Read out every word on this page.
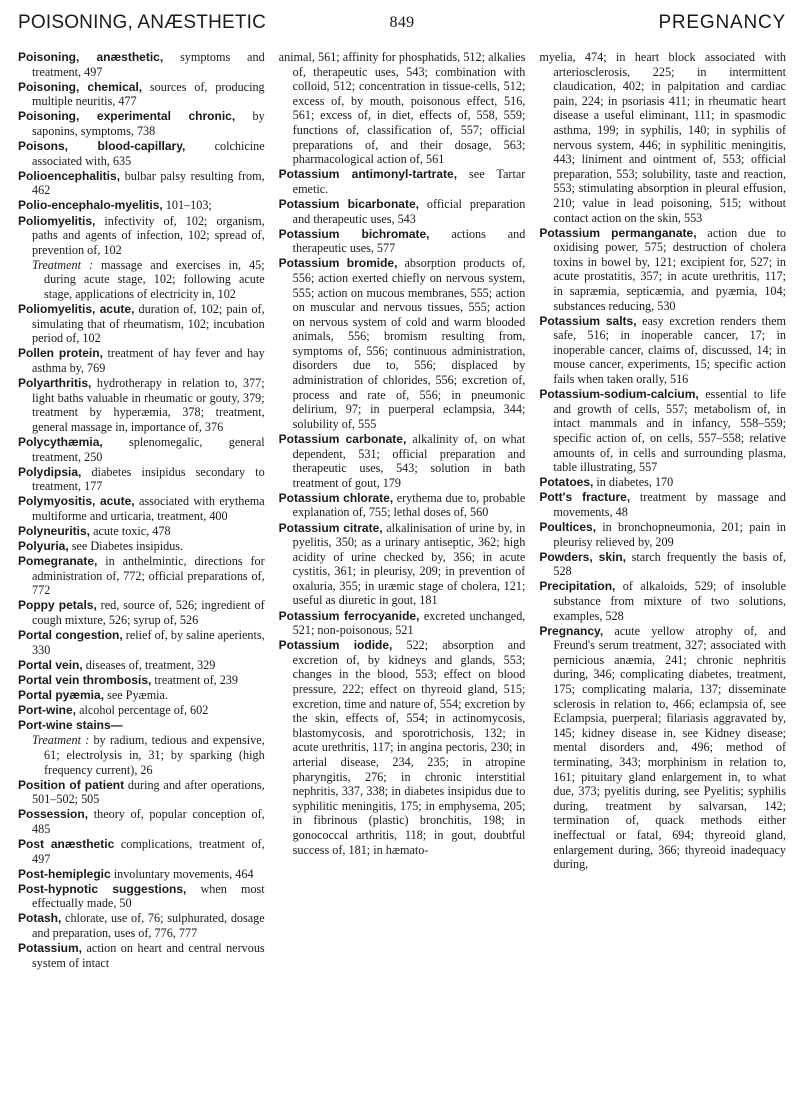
POISONING, ANÆSTHETIC	849	PREGNANCY

Poisoning, anæsthetic, symptoms and treatment, 497

Poisoning, chemical, sources of, producing multiple neuritis, 477

Poisoning, experimental chronic, by saponins, symptoms, 738

Poisons, blood-capillary, colchicine associated with, 635

Polioencephalitis, bulbar palsy resulting from, 462

Polio-encephalo-myelitis, 101–103;

Poliomyelitis, infectivity of, 102; organism, paths and agents of infection, 102; spread of, prevention of, 102

Treatment : massage and exercises in, 45; during acute stage, 102; following acute stage, applications of electricity in, 102

Poliomyelitis, acute, duration of, 102; pain of, simulating that of rheumatism, 102; incubation period of, 102

Pollen protein, treatment of hay fever and hay asthma by, 769

Polyarthritis, hydrotherapy in relation to, 377; light baths valuable in rheumatic or gouty, 379; treatment by hyperæmia, 378; treatment, general massage in, importance of, 376

Polycythæmia, splenomegalic, general treatment, 250

Polydipsia, diabetes insipidus secondary to treatment, 177

Polymyositis, acute, associated with erythema multiforme and urticaria, treatment, 400

Polyneuritis, acute toxic, 478

Polyuria, see Diabetes insipidus.

Pomegranate, in anthelmintic, directions for administration of, 772; official preparations of, 772

Poppy petals, red, source of, 526; ingredient of cough mixture, 526; syrup of, 526

Portal congestion, relief of, by saline aperients, 330

Portal vein, diseases of, treatment, 329

Portal vein thrombosis, treatment of, 239

Portal pyæmia, see Pyæmia.

Port-wine, alcohol percentage of, 602

Port-wine stains—

Treatment : by radium, tedious and expensive, 61; electrolysis in, 31; by sparking (high frequency current), 26

Position of patient during and after operations, 501–502; 505

Possession, theory of, popular conception of, 485

Post anæsthetic complications, treatment of, 497

Post-hemiplegic involuntary movements, 464

Post-hypnotic suggestions, when most effectually made, 50

Potash, chlorate, use of, 76; sulphurated, dosage and preparation, uses of, 776, 777

Potassium, action on heart and central nervous system of intact

animal, 561; affinity for phosphatids, 512; alkalies of, therapeutic uses, 543; combination with colloid, 512; concentration in tissue-cells, 512; excess of, by mouth, poisonous effect, 516, 561; excess of, in diet, effects of, 558, 559; functions of, classification of, 557; official preparations of, and their dosage, 563; pharmacological action of, 561

Potassium antimonyl-tartrate, see Tartar emetic.

Potassium bicarbonate, official preparation and therapeutic uses, 543

Potassium bichromate, actions and therapeutic uses, 577

Potassium bromide, absorption products of, 556; action exerted chiefly on nervous system, 555; action on mucous membranes, 555; action on muscular and nervous tissues, 555; action on nervous system of cold and warm blooded animals, 556; bromism resulting from, symptoms of, 556; continuous administration, disorders due to, 556; displaced by administration of chlorides, 556; excretion of, process and rate of, 556; in pneumonic delirium, 97; in puerperal eclampsia, 344; solubility of, 555

Potassium carbonate, alkalinity of, on what dependent, 531; official preparation and therapeutic uses, 543; solution in bath treatment of gout, 179

Potassium chlorate, erythema due to, probable explanation of, 755; lethal doses of, 560

Potassium citrate, alkalinisation of urine by, in pyelitis, 350; as a urinary antiseptic, 362; high acidity of urine checked by, 356; in acute cystitis, 361; in pleurisy, 209; in prevention of oxaluria, 355; in uræmic stage of cholera, 121; useful as diuretic in gout, 181

Potassium ferrocyanide, excreted unchanged, 521; non-poisonous, 521

Potassium iodide, 522; absorption and excretion of, by kidneys and glands, 553; changes in the blood, 553; effect on blood pressure, 222; effect on thyreoid gland, 515; excretion, time and nature of, 554; excretion by the skin, effects of, 554; in actinomycosis, blastomycosis, and sporotrichosis, 132; in acute urethritis, 117; in angina pectoris, 230; in arterial disease, 234, 235; in atropine pharyngitis, 276; in chronic interstitial nephritis, 337, 338; in diabetes insipidus due to syphilitic meningitis, 175; in emphysema, 205; in fibrinous (plastic) bronchitis, 198; in gonococcal arthritis, 118; in gout, doubtful success of, 181; in hæmato-

myelia, 474; in heart block associated with arteriosclerosis, 225; in intermittent claudication, 402; in palpitation and cardiac pain, 224; in psoriasis 411; in rheumatic heart disease a useful eliminant, 111; in spasmodic asthma, 199; in syphilis, 140; in syphilis of nervous system, 446; in syphilitic meningitis, 443; liniment and ointment of, 553; official preparation, 553; solubility, taste and reaction, 553; stimulating absorption in pleural effusion, 210; value in lead poisoning, 515; without contact action on the skin, 553

Potassium permanganate, action due to oxidising power, 575; destruction of cholera toxins in bowel by, 121; excipient for, 527; in acute prostatitis, 357; in acute urethritis, 117; in sapræmia, septicæmia, and pyæmia, 104; substances reducing, 530

Potassium salts, easy excretion renders them safe, 516; in inoperable cancer, 17; in inoperable cancer, claims of, discussed, 14; in mouse cancer, experiments, 15; specific action fails when taken orally, 516

Potassium-sodium-calcium, essential to life and growth of cells, 557; metabolism of, in intact mammals and in infancy, 558–559; specific action of, on cells, 557–558; relative amounts of, in cells and surrounding plasma, table illustrating, 557

Potatoes, in diabetes, 170

Pott's fracture, treatment by massage and movements, 48

Poultices, in bronchopneumonia, 201; pain in pleurisy relieved by, 209

Powders, skin, starch frequently the basis of, 528

Precipitation, of alkaloids, 529; of insoluble substance from mixture of two solutions, examples, 528

Pregnancy, acute yellow atrophy of, and Freund's serum treatment, 327; associated with pernicious anæmia, 241; chronic nephritis during, 346; complicating diabetes, treatment, 175; complicating malaria, 137; disseminate sclerosis in relation to, 466; eclampsia of, see Eclampsia, puerperal; filariasis aggravated by, 145; kidney disease in, see Kidney disease; mental disorders and, 496; method of terminating, 343; morphinism in relation to, 161; pituitary gland enlargement in, to what due, 373; pyelitis during, see Pyelitis; syphilis during, treatment by salvarsan, 142; termination of, quack methods either ineffectual or fatal, 694; thyreoid gland, enlargement during, 366; thyreoid inadequacy during,
